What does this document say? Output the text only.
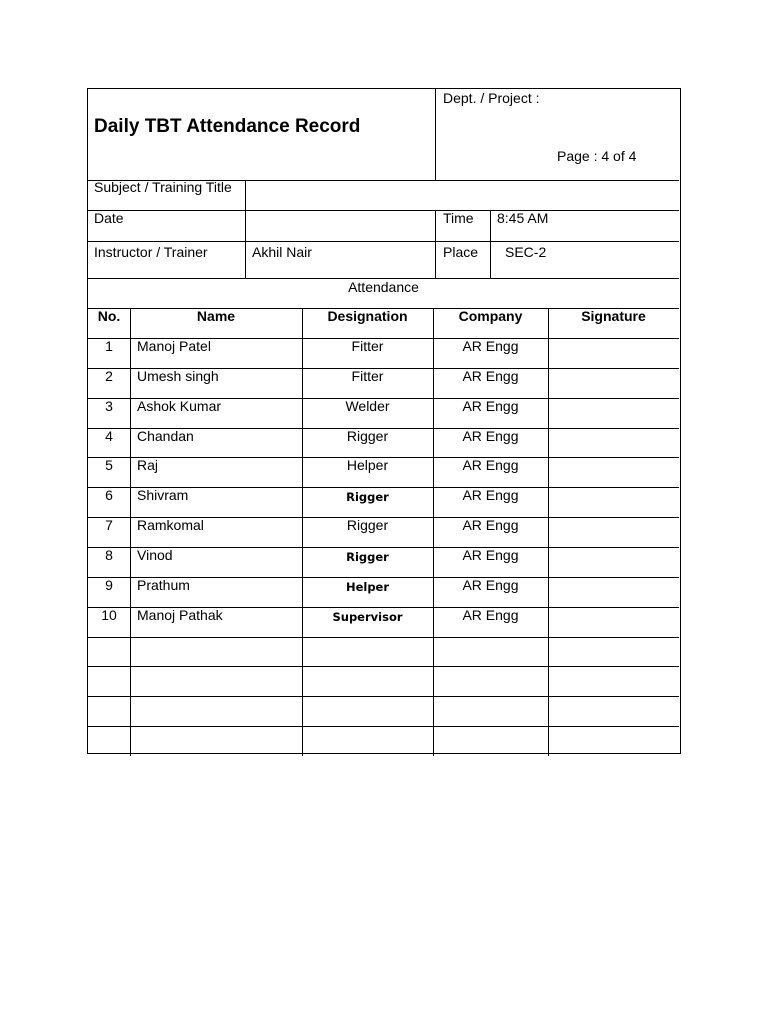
Daily TBT Attendance Record
Dept. / Project :
Page : 4 of 4
Subject / Training Title
Date	Time 8:45 AM
Instructor / Trainer	Akhil Nair	Place SEC-2
Attendance
No.	Name	Designation	Company	Signature
1	Manoj Patel	Fitter	AR Engg
2	Umesh singh	Fitter	AR Engg
3	Ashok Kumar	Welder	AR Engg
4	Chandan	Rigger	AR Engg
5	Raj	Helper	AR Engg
6	Shivram	Rigger	AR Engg
7	Ramkomal	Rigger	AR Engg
8	Vinod	Rigger	AR Engg
9	Prathum	Helper	AR Engg
10	Manoj Pathak	Supervisor	AR Engg
